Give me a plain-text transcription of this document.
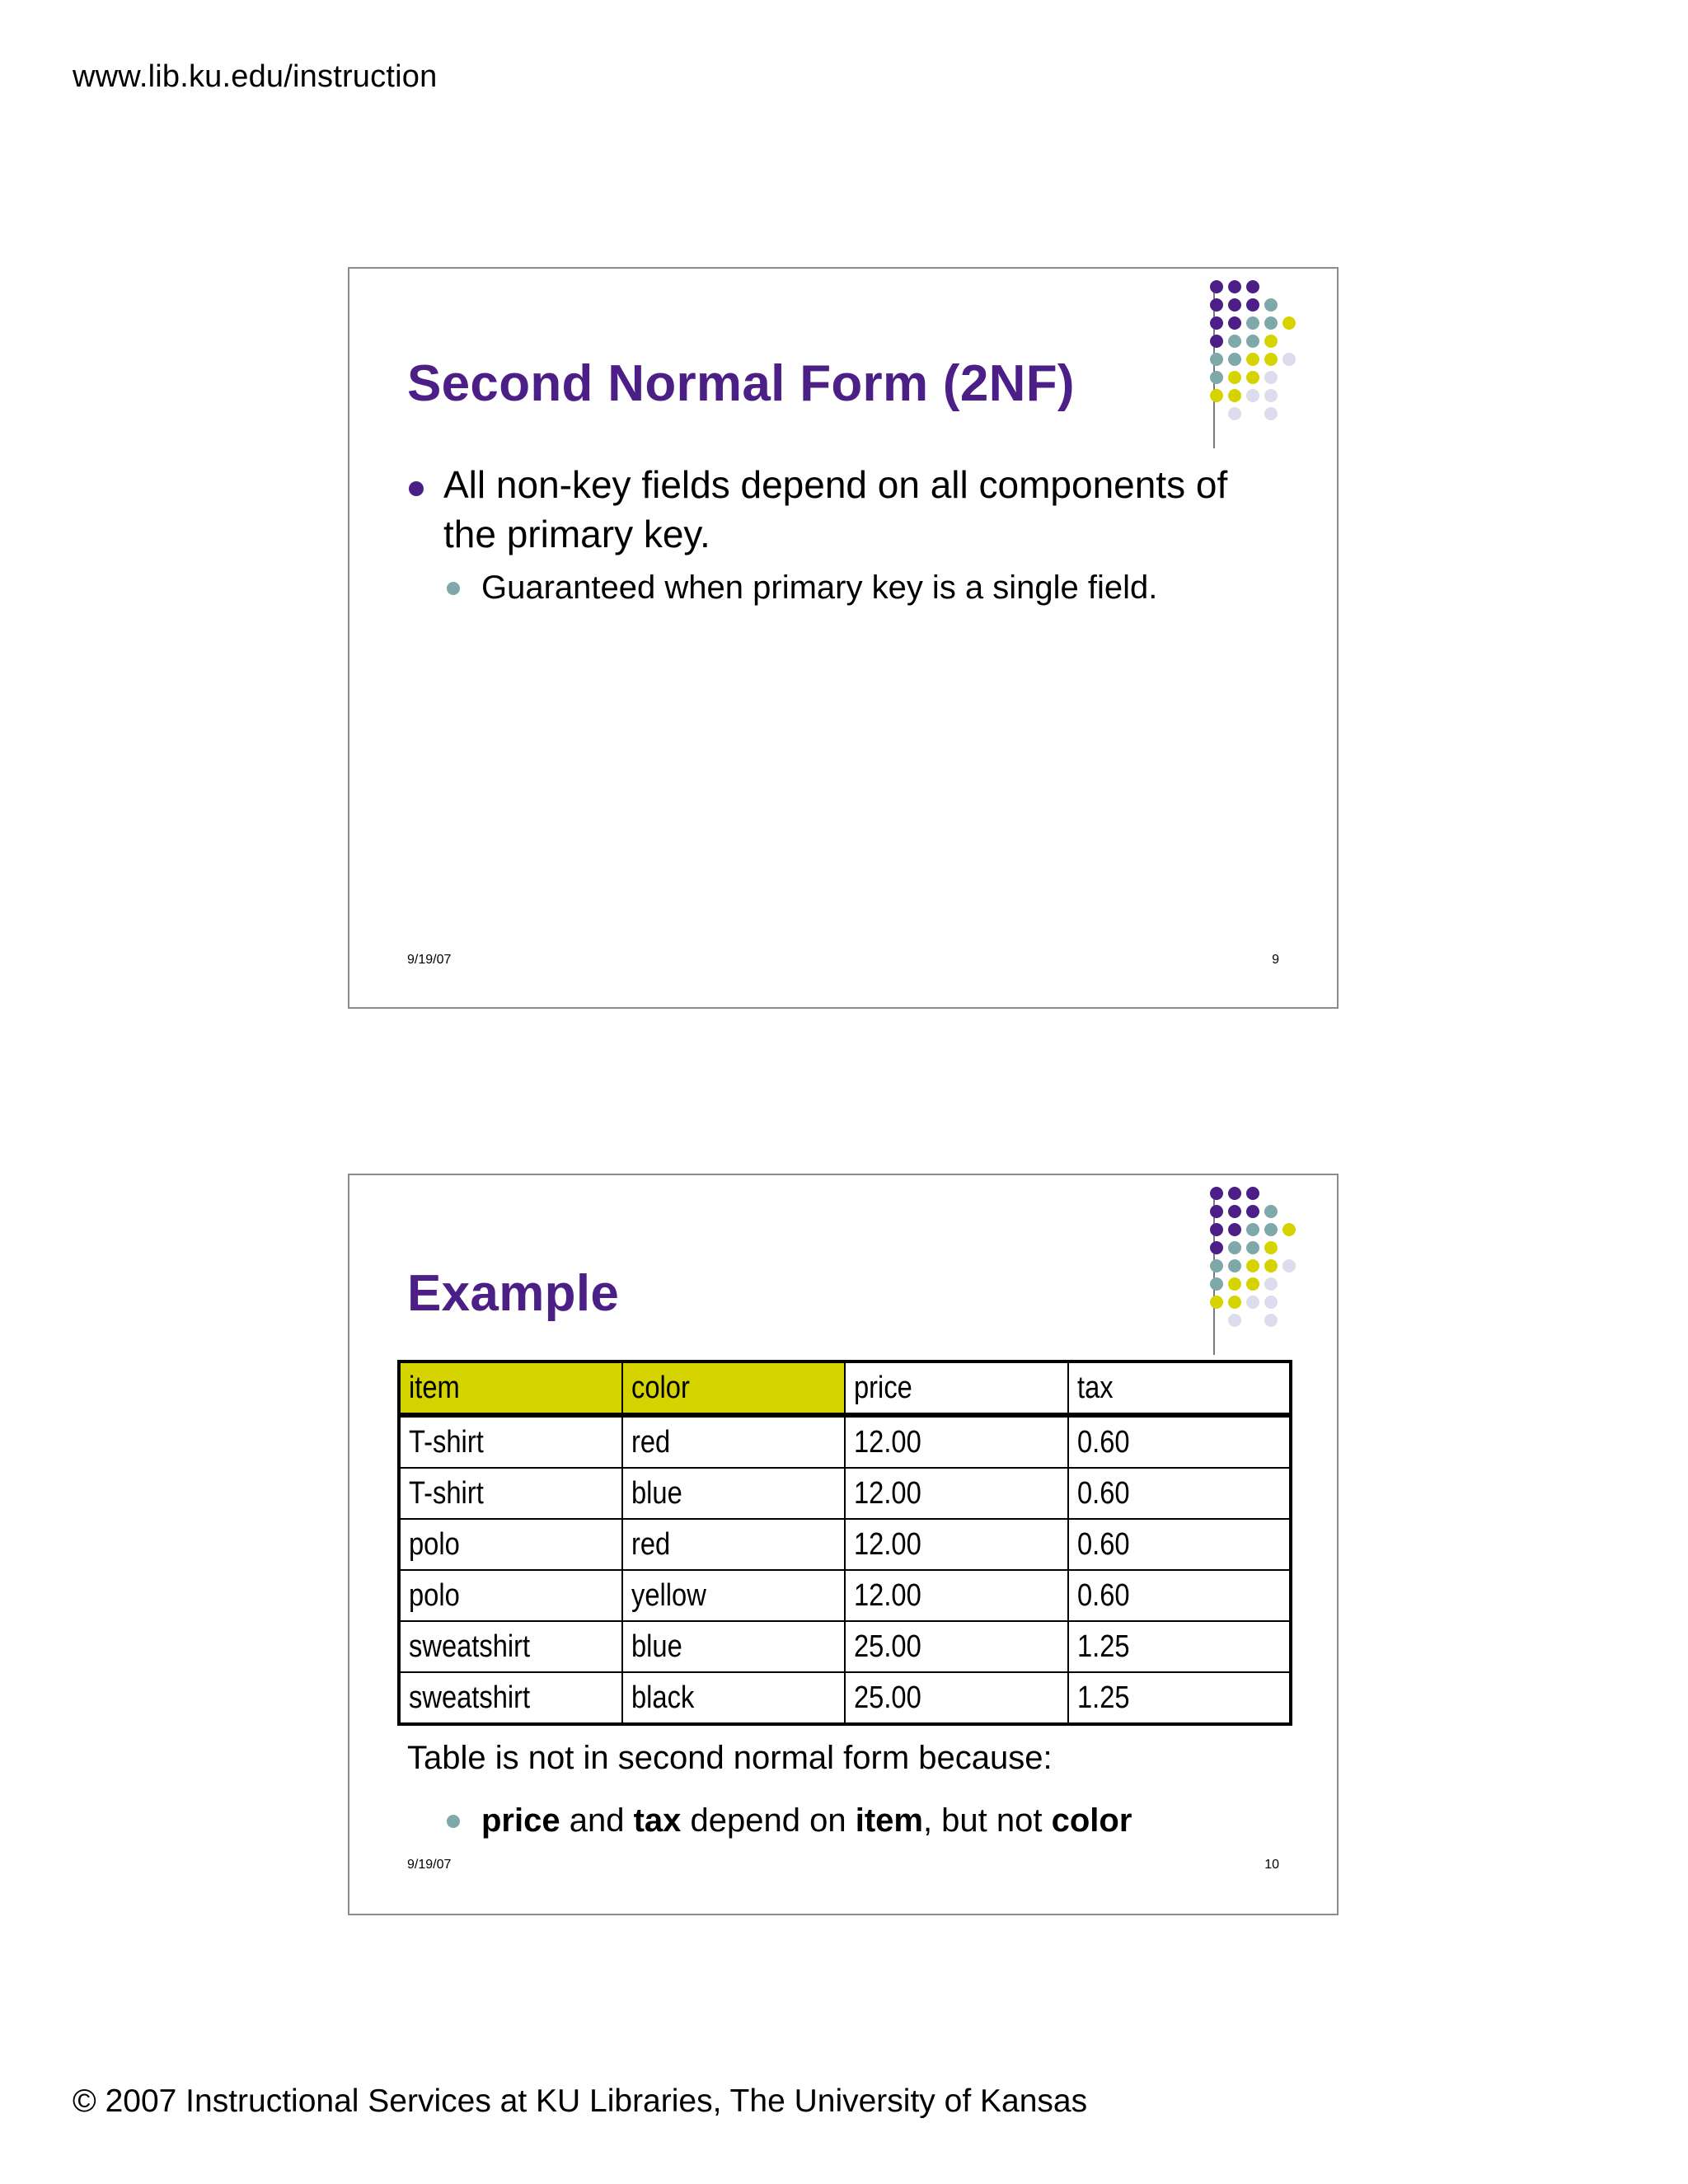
www.lib.ku.edu/instruction
Second Normal Form (2NF)
All non-key fields depend on all components of the primary key.
Guaranteed when primary key is a single field.
9/19/07	9
Example
item	color	price	tax
T-shirt	red	12.00	0.60
T-shirt	blue	12.00	0.60
polo	red	12.00	0.60
polo	yellow	12.00	0.60
sweatshirt	blue	25.00	1.25
sweatshirt	black	25.00	1.25
Table is not in second normal form because:
price and tax depend on item, but not color
9/19/07	10
© 2007 Instructional Services at KU Libraries, The University of Kansas
